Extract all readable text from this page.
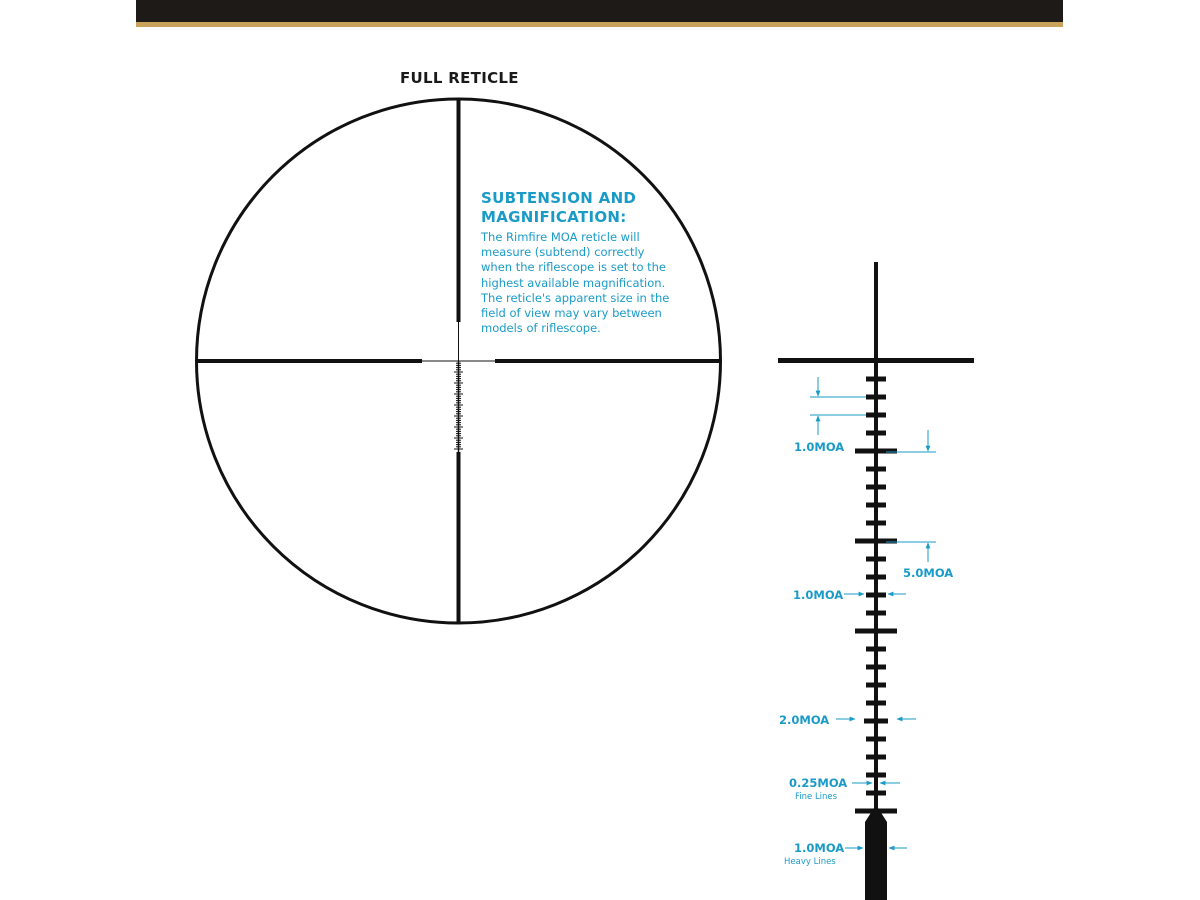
FULL RETICLE

SUBTENSION AND
MAGNIFICATION:

The Rimfire MOA reticle will
measure (subtend) correctly
when the riflescope is set to the
highest available magnification.
The reticle's apparent size in the
field of view may vary between
models of riflescope.

1.0MOA
5.0MOA
1.0MOA
2.0MOA
0.25MOA
Fine Lines
1.0MOA
Heavy Lines
